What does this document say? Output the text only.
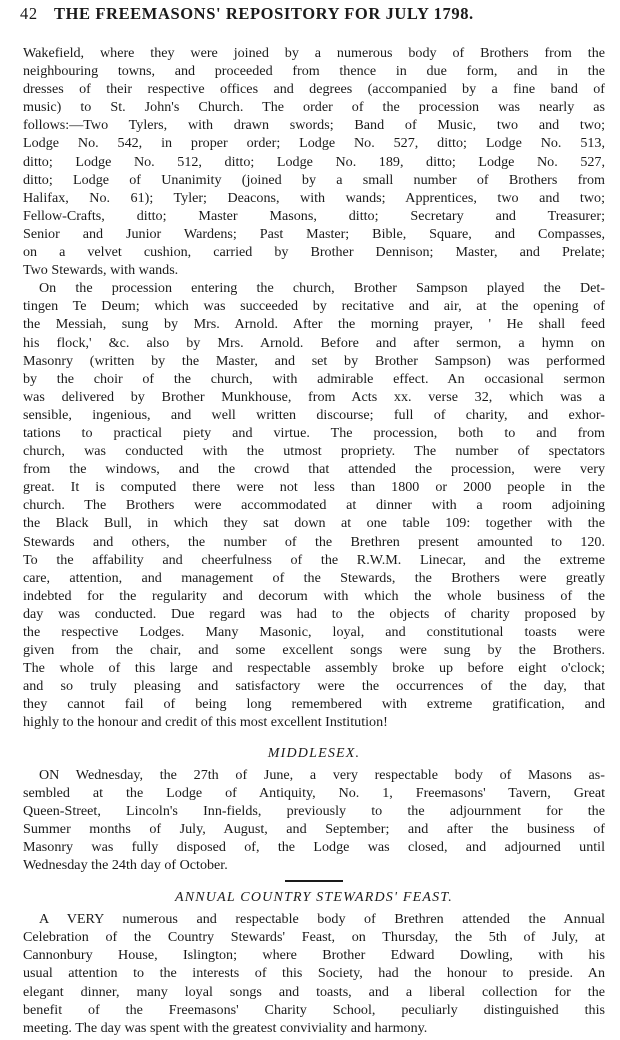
42 THE FREEMASONS' REPOSITORY FOR JULY 1798.
Wakefield, where they were joined by a numerous body of Brothers from the
neighbouring towns, and proceeded from thence in due form, and in the
dresses of their respective offices and degrees (accompanied by a fine band of
music) to St. John's Church. The order of the procession was nearly as
follows:—Two Tylers, with drawn swords; Band of Music, two and two;
Lodge No. 542, in proper order; Lodge No. 527, ditto; Lodge No. 513,
ditto; Lodge No. 512, ditto; Lodge No. 189, ditto; Lodge No. 527,
ditto; Lodge of Unanimity (joined by a small number of Brothers from
Halifax, No. 61); Tyler; Deacons, with wands; Apprentices, two and two;
Fellow-Crafts, ditto; Master Masons, ditto; Secretary and Treasurer;
Senior and Junior Wardens; Past Master; Bible, Square, and Compasses,
on a velvet cushion, carried by Brother Dennison; Master, and Prelate;
Two Stewards, with wands.
On the procession entering the church, Brother Sampson played the Det-
tingen Te Deum; which was succeeded by recitative and air, at the opening of
the Messiah, sung by Mrs. Arnold. After the morning prayer, ' He shall feed
his flock,' &c. also by Mrs. Arnold. Before and after sermon, a hymn on
Masonry (written by the Master, and set by Brother Sampson) was performed
by the choir of the church, with admirable effect. An occasional sermon
was delivered by Brother Munkhouse, from Acts xx. verse 32, which was a
sensible, ingenious, and well written discourse; full of charity, and exhor-
tations to practical piety and virtue. The procession, both to and from
church, was conducted with the utmost propriety. The number of spectators
from the windows, and the crowd that attended the procession, were very
great. It is computed there were not less than 1800 or 2000 people in the
church. The Brothers were accommodated at dinner with a room adjoining
the Black Bull, in which they sat down at one table 109: together with the
Stewards and others, the number of the Brethren present amounted to 120.
To the affability and cheerfulness of the R.W.M. Linecar, and the extreme
care, attention, and management of the Stewards, the Brothers were greatly
indebted for the regularity and decorum with which the whole business of the
day was conducted. Due regard was had to the objects of charity proposed by
the respective Lodges. Many Masonic, loyal, and constitutional toasts were
given from the chair, and some excellent songs were sung by the Brothers.
The whole of this large and respectable assembly broke up before eight o'clock;
and so truly pleasing and satisfactory were the occurrences of the day, that
they cannot fail of being long remembered with extreme gratification, and
highly to the honour and credit of this most excellent Institution!
MIDDLESEX.
ON Wednesday, the 27th of June, a very respectable body of Masons as-
sembled at the Lodge of Antiquity, No. 1, Freemasons' Tavern, Great
Queen-Street, Lincoln's Inn-fields, previously to the adjournment for the
Summer months of July, August, and September; and after the business of
Masonry was fully disposed of, the Lodge was closed, and adjourned until
Wednesday the 24th day of October.
ANNUAL COUNTRY STEWARDS' FEAST.
A VERY numerous and respectable body of Brethren attended the Annual
Celebration of the Country Stewards' Feast, on Thursday, the 5th of July, at
Cannonbury House, Islington; where Brother Edward Dowling, with his
usual attention to the interests of this Society, had the honour to preside. An
elegant dinner, many loyal songs and toasts, and a liberal collection for the
benefit of the Freemasons' Charity School, peculiarly distinguished this
meeting. The day was spent with the greatest conviviality and harmony.
